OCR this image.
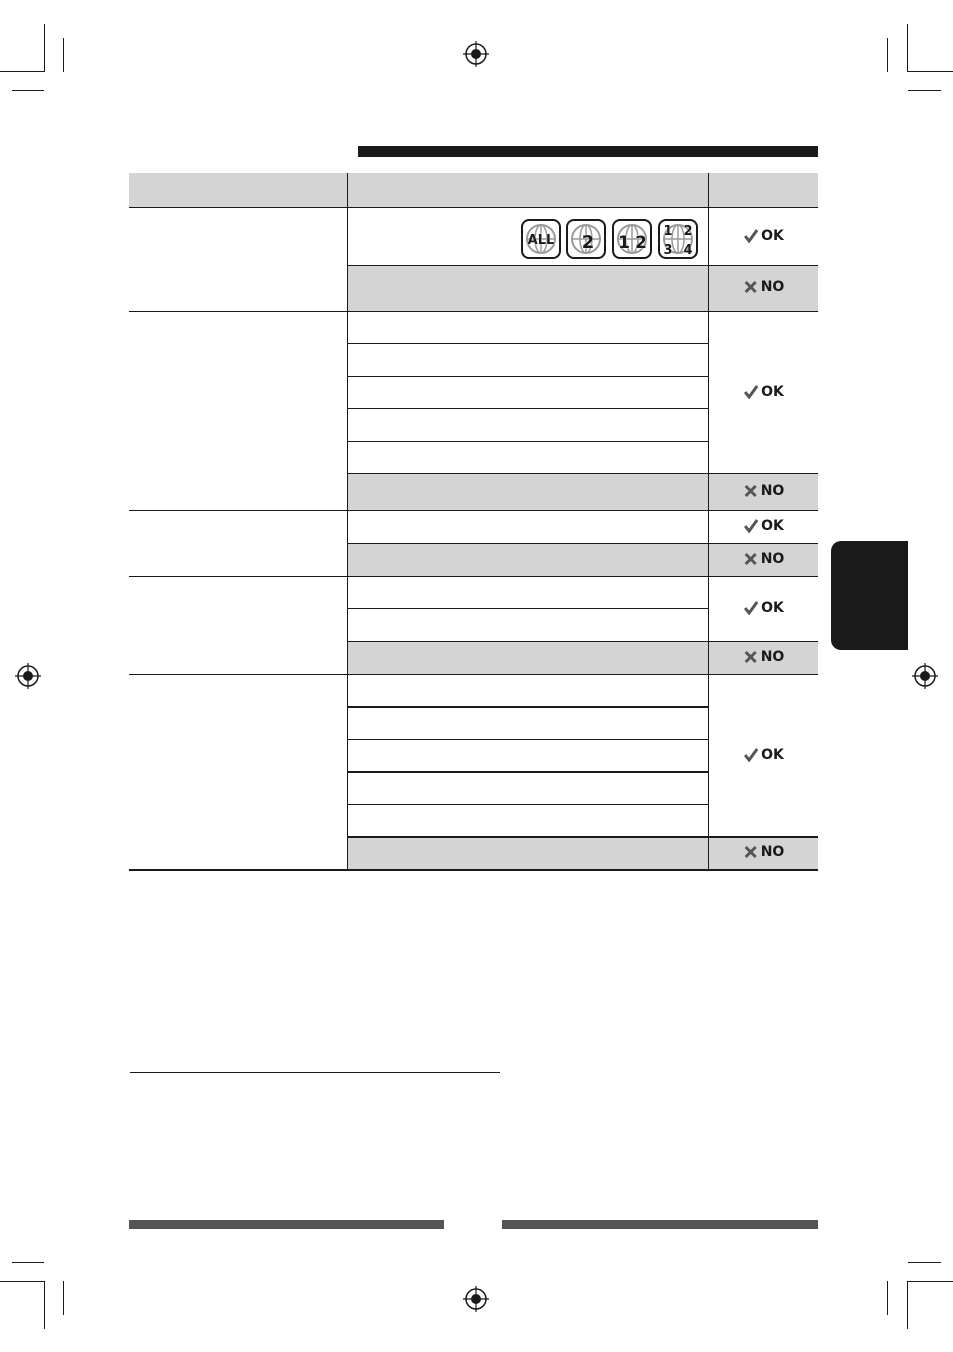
ALL 2 1 2
1 2
3 4
OK
NO
OK
NO
OK
NO
OK
NO
OK
NO
